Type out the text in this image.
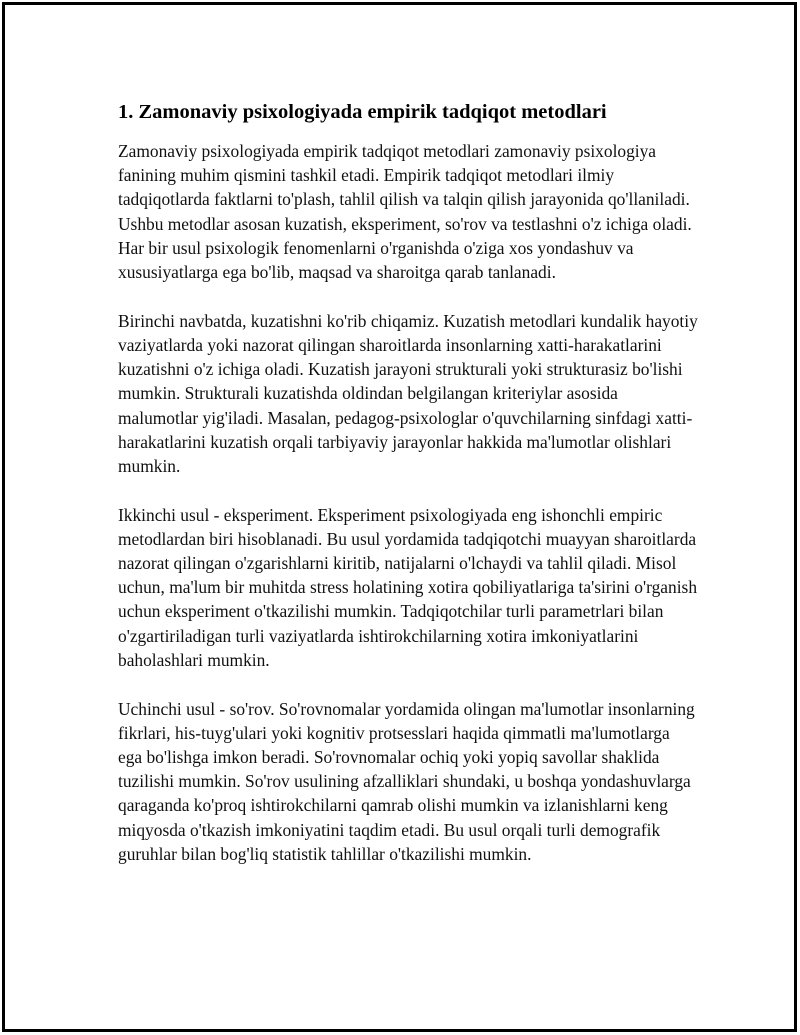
1. Zamonaviy psixologiyada empirik tadqiqot metodlari

Zamonaviy psixologiyada empirik tadqiqot metodlari zamonaviy psixologiya fanining muhim qismini tashkil etadi. Empirik tadqiqot metodlari ilmiy tadqiqotlarda faktlarni to'plash, tahlil qilish va talqin qilish jarayonida qo'llaniladi. Ushbu metodlar asosan kuzatish, eksperiment, so'rov va testlashni o'z ichiga oladi. Har bir usul psixologik fenomenlarni o'rganishda o'ziga xos yondashuv va xususiyatlarga ega bo'lib, maqsad va sharoitga qarab tanlanadi.

Birinchi navbatda, kuzatishni ko'rib chiqamiz. Kuzatish metodlari kundalik hayotiy vaziyatlarda yoki nazorat qilingan sharoitlarda insonlarning xatti-harakatlarini kuzatishni o'z ichiga oladi. Kuzatish jarayoni strukturali yoki strukturasiz bo'lishi mumkin. Strukturali kuzatishda oldindan belgilangan kriteriylar asosida malumotlar yig'iladi. Masalan, pedagog-psixologlar o'quvchilarning sinfdagi xatti-harakatlarini kuzatish orqali tarbiyaviy jarayonlar hakkida ma'lumotlar olishlari mumkin.

Ikkinchi usul - eksperiment. Eksperiment psixologiyada eng ishonchli empiric metodlardan biri hisoblanadi. Bu usul yordamida tadqiqotchi muayyan sharoitlarda nazorat qilingan o'zgarishlarni kiritib, natijalarni o'lchaydi va tahlil qiladi. Misol uchun, ma'lum bir muhitda stress holatining xotira qobiliyatlariga ta'sirini o'rganish uchun eksperiment o'tkazilishi mumkin. Tadqiqotchilar turli parametrlari bilan o'zgartiriladigan turli vaziyatlarda ishtirokchilarning xotira imkoniyatlarini baholashlari mumkin.

Uchinchi usul - so'rov. So'rovnomalar yordamida olingan ma'lumotlar insonlarning fikrlari, his-tuyg'ulari yoki kognitiv protsesslari haqida qimmatli ma'lumotlarga ega bo'lishga imkon beradi. So'rovnomalar ochiq yoki yopiq savollar shaklida tuzilishi mumkin. So'rov usulining afzalliklari shundaki, u boshqa yondashuvlarga qaraganda ko'proq ishtirokchilarni qamrab olishi mumkin va izlanishlarni keng miqyosda o'tkazish imkoniyatini taqdim etadi. Bu usul orqali turli demografik guruhlar bilan bog'liq statistik tahlillar o'tkazilishi mumkin.
